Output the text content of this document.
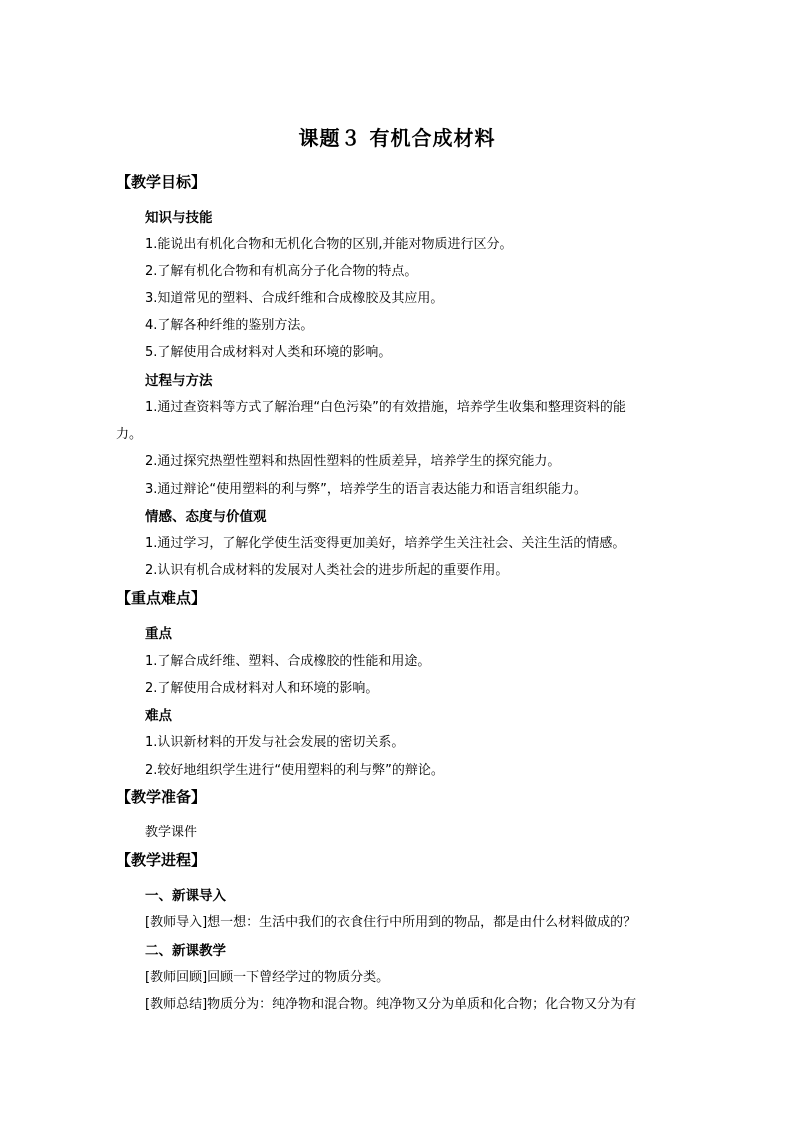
课题３ 有机合成材料
【教学目标】
知识与技能
1.能说出有机化合物和无机化合物的区别,并能对物质进行区分。
2.了解有机化合物和有机高分子化合物的特点。
3.知道常见的塑料、合成纤维和合成橡胶及其应用。
4.了解各种纤维的鉴别方法。
5.了解使用合成材料对人类和环境的影响。
过程与方法
1.通过查资料等方式了解治理“白色污染”的有效措施，培养学生收集和整理资料的能
力。
2.通过探究热塑性塑料和热固性塑料的性质差异，培养学生的探究能力。
3.通过辩论“使用塑料的利与弊”，培养学生的语言表达能力和语言组织能力。
情感、态度与价值观
1.通过学习，了解化学使生活变得更加美好，培养学生关注社会、关注生活的情感。
2.认识有机合成材料的发展对人类社会的进步所起的重要作用。
【重点难点】
重点
1.了解合成纤维、塑料、合成橡胶的性能和用途。
2.了解使用合成材料对人和环境的影响。
难点
1.认识新材料的开发与社会发展的密切关系。
2.较好地组织学生进行“使用塑料的利与弊”的辩论。
【教学准备】
教学课件
【教学进程】
一、新课导入
[教师导入]想一想：生活中我们的衣食住行中所用到的物品，都是由什么材料做成的？
二、新课教学
[教师回顾]回顾一下曾经学过的物质分类。
[教师总结]物质分为：纯净物和混合物。纯净物又分为单质和化合物；化合物又分为有
